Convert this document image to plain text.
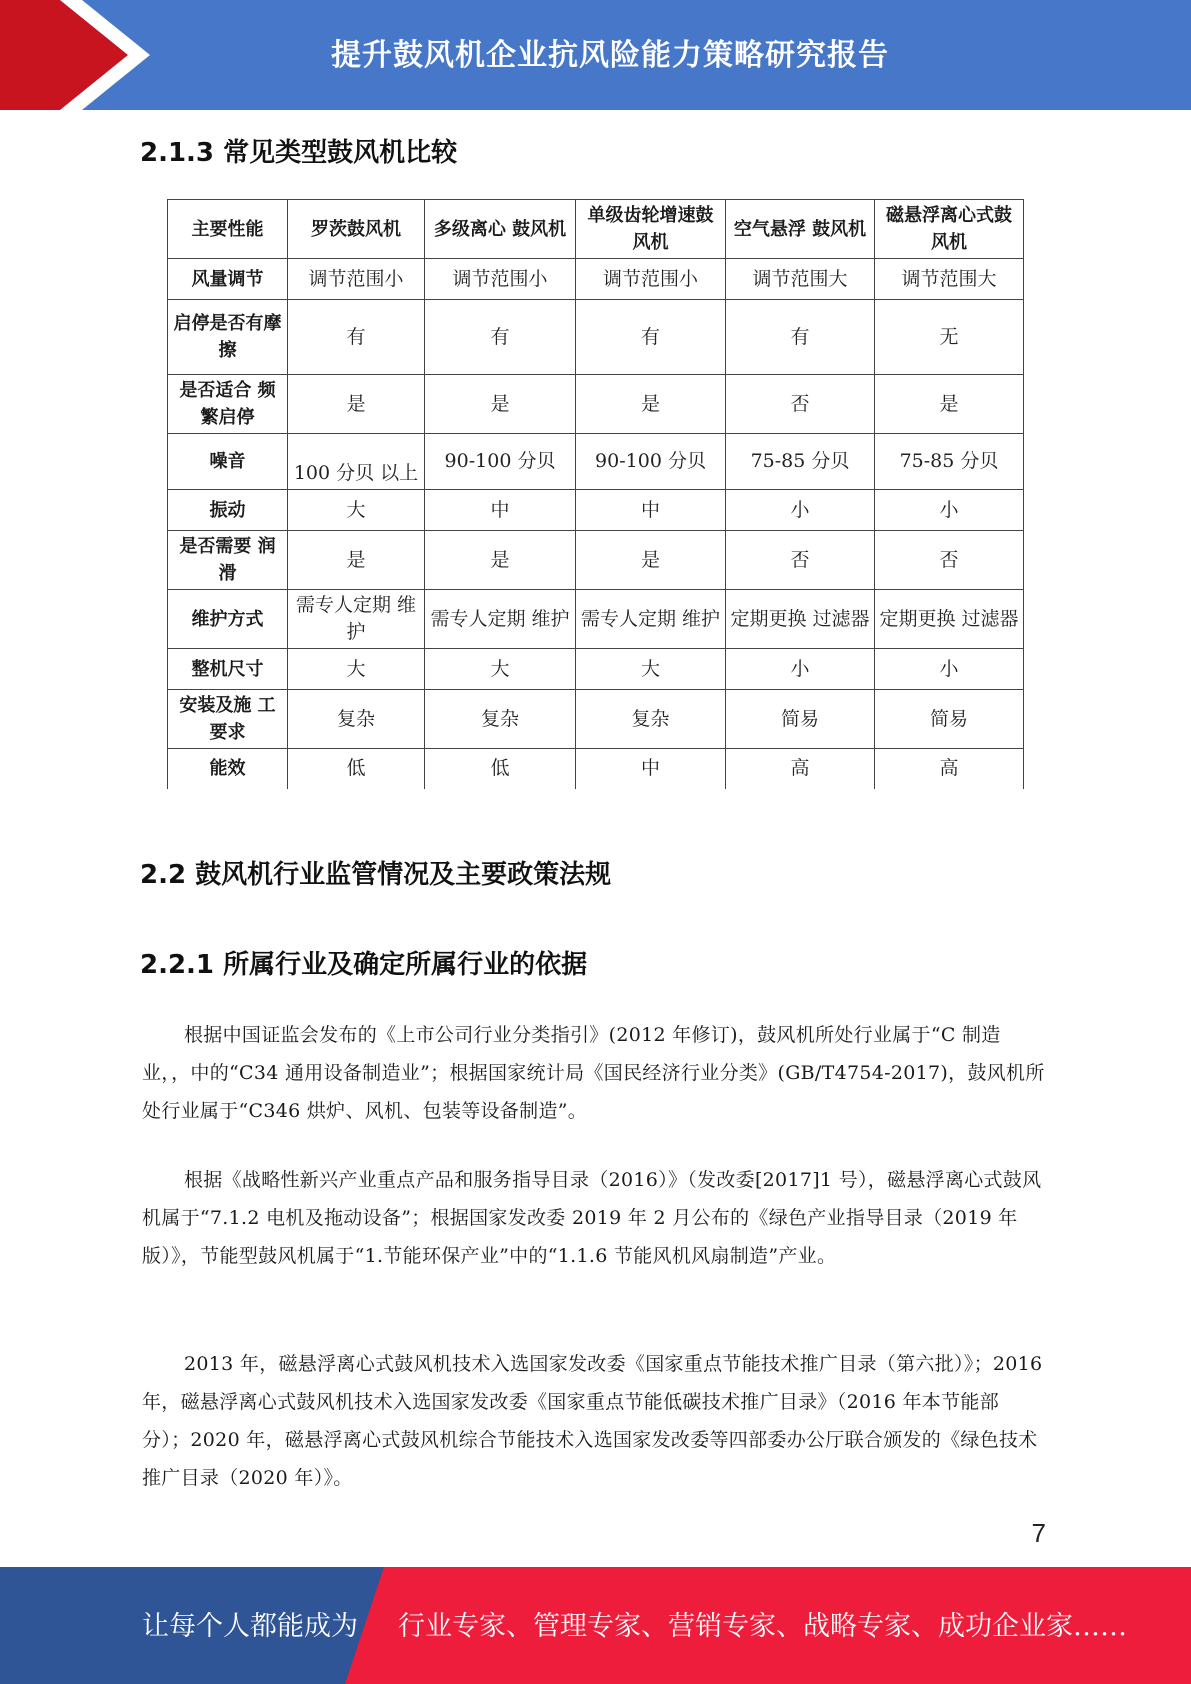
提升鼓风机企业抗风险能力策略研究报告
2.1.3 常见类型鼓风机比较
主要性能	罗茨鼓风机	多级离心 鼓风机	单级齿轮增速鼓风机	空气悬浮 鼓风机	磁悬浮离心式鼓风机
风量调节	调节范围小	调节范围小	调节范围小	调节范围大	调节范围大
启停是否有摩擦	有	有	有	有	无
是否适合 频繁启停	是	是	是	否	是
噪音	100 分贝 以上	90-100 分贝	90-100 分贝	75-85 分贝	75-85 分贝
振动	大	中	中	小	小
是否需要 润滑	是	是	是	否	否
维护方式	需专人定期 维护	需专人定期 维护	需专人定期 维护	定期更换 过滤器	定期更换 过滤器
整机尺寸	大	大	大	小	小
安装及施 工要求	复杂	复杂	复杂	简易	简易
能效	低	低	中	高	高
2.2 鼓风机行业监管情况及主要政策法规
2.2.1 所属行业及确定所属行业的依据
根据中国证监会发布的《上市公司行业分类指引》(2012 年修订)，鼓风机所处行业属于“C 制造业，，中的“C34 通用设备制造业”；根据国家统计局《国民经济行业分类》(GB/T4754-2017)，鼓风机所处行业属于“C346 烘炉、风机、包装等设备制造”。
根据《战略性新兴产业重点产品和服务指导目录（2016）》（发改委[2017]1 号），磁悬浮离心式鼓风机属于“7.1.2 电机及拖动设备”；根据国家发改委 2019 年 2 月公布的《绿色产业指导目录（2019 年版）》，节能型鼓风机属于“1.节能环保产业”中的“1.1.6 节能风机风扇制造”产业。
2013 年，磁悬浮离心式鼓风机技术入选国家发改委《国家重点节能技术推广目录（第六批）》；2016 年，磁悬浮离心式鼓风机技术入选国家发改委《国家重点节能低碳技术推广目录》（2016 年本节能部分）；2020 年，磁悬浮离心式鼓风机综合节能技术入选国家发改委等四部委办公厅联合颁发的《绿色技术推广目录（2020 年）》。
7
让每个人都能成为 行业专家、管理专家、营销专家、战略专家、成功企业家……
